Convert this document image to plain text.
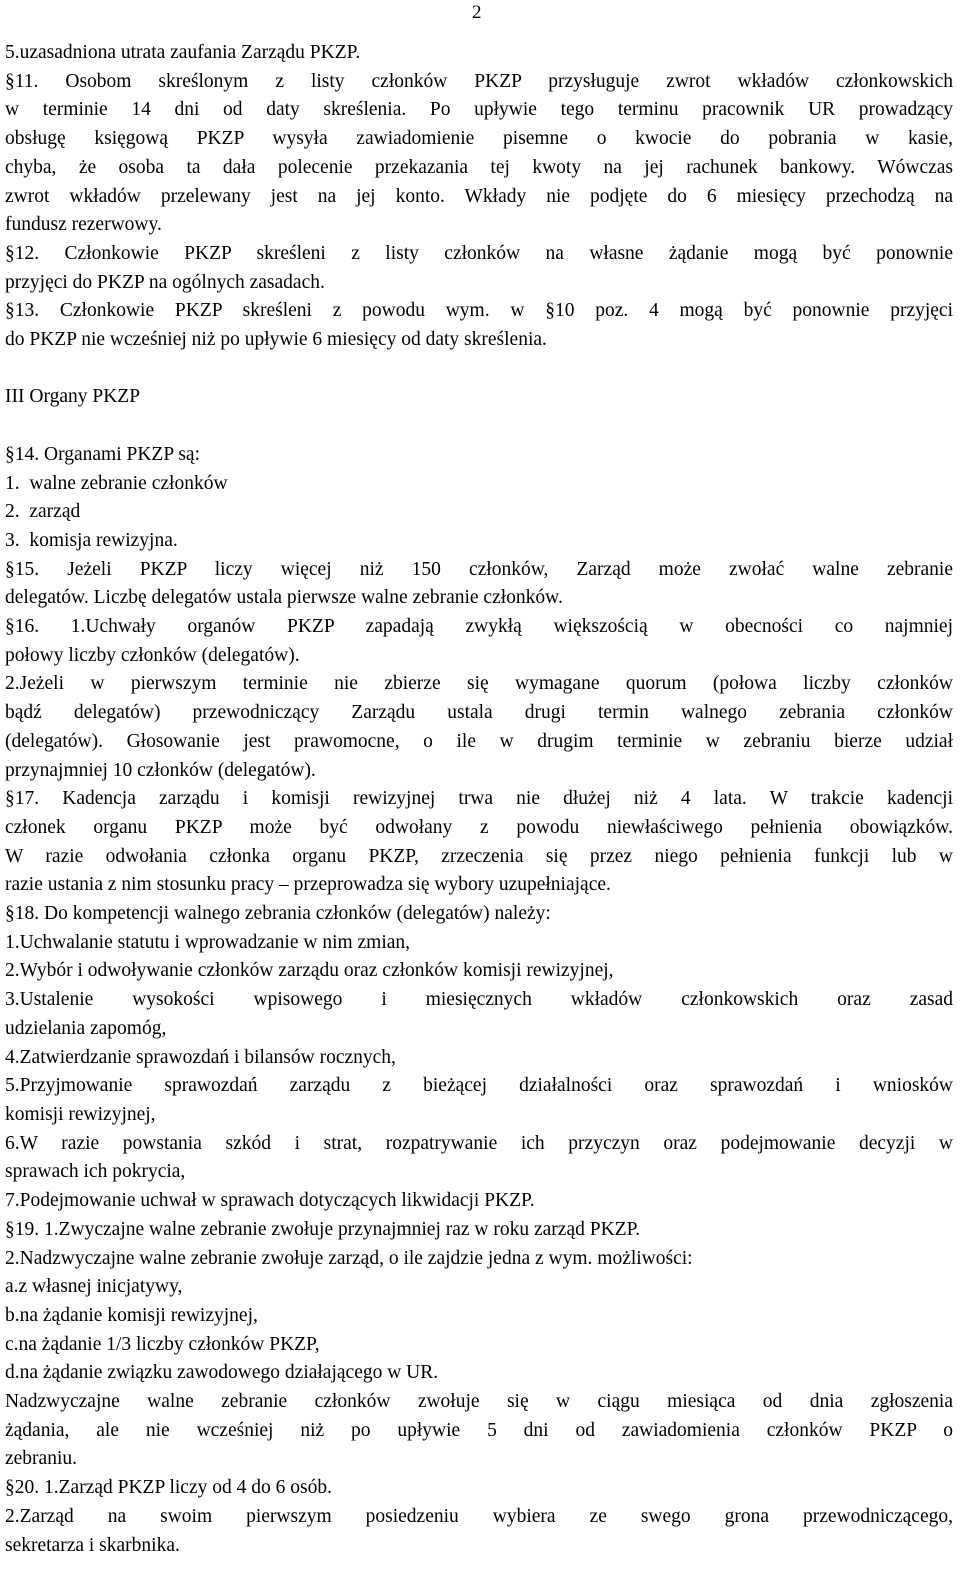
2

5.uzasadniona utrata zaufania Zarządu PKZP.

§11. Osobom skreślonym z listy członków PKZP przysługuje zwrot wkładów członkowskich

w terminie 14 dni od daty skreślenia. Po upływie tego terminu pracownik UR prowadzący

obsługę księgową PKZP wysyła zawiadomienie pisemne o kwocie do pobrania w kasie,

chyba, że osoba ta dała polecenie przekazania tej kwoty na jej rachunek bankowy. Wówczas

zwrot wkładów przelewany jest na jej konto. Wkłady nie podjęte do 6 miesięcy przechodzą na

fundusz rezerwowy.

§12. Członkowie PKZP skreśleni z listy członków na własne żądanie mogą być ponownie

przyjęci do PKZP na ogólnych zasadach.

§13. Członkowie PKZP skreśleni z powodu wym. w §10 poz. 4 mogą być ponownie przyjęci

do PKZP nie wcześniej niż po upływie 6 miesięcy od daty skreślenia.

III Organy PKZP

§14. Organami PKZP są:

1.  walne zebranie członków

2.  zarząd

3.  komisja rewizyjna.

§15. Jeżeli PKZP liczy więcej niż 150 członków, Zarząd może zwołać walne zebranie

delegatów. Liczbę delegatów ustala pierwsze walne zebranie członków.

§16. 1.Uchwały organów PKZP zapadają zwykłą większością w obecności co najmniej

połowy liczby członków (delegatów).

2.Jeżeli w pierwszym terminie nie zbierze się wymagane quorum (połowa liczby członków

bądź delegatów) przewodniczący Zarządu ustala drugi termin walnego zebrania członków

(delegatów). Głosowanie jest prawomocne, o ile w drugim terminie w zebraniu bierze udział

przynajmniej 10 członków (delegatów).

§17. Kadencja zarządu i komisji rewizyjnej trwa nie dłużej niż 4 lata. W trakcie kadencji

członek organu PKZP może być odwołany z powodu niewłaściwego pełnienia obowiązków.

W razie odwołania członka organu PKZP, zrzeczenia się przez niego pełnienia funkcji lub w

razie ustania z nim stosunku pracy – przeprowadza się wybory uzupełniające.

§18. Do kompetencji walnego zebrania członków (delegatów) należy:

1.Uchwalanie statutu i wprowadzanie w nim zmian,

2.Wybór i odwoływanie członków zarządu oraz członków komisji rewizyjnej,

3.Ustalenie wysokości wpisowego i miesięcznych wkładów członkowskich oraz zasad

udzielania zapomóg,

4.Zatwierdzanie sprawozdań i bilansów rocznych,

5.Przyjmowanie sprawozdań zarządu z bieżącej działalności oraz sprawozdań i wniosków

komisji rewizyjnej,

6.W razie powstania szkód i strat, rozpatrywanie ich przyczyn oraz podejmowanie decyzji w

sprawach ich pokrycia,

7.Podejmowanie uchwał w sprawach dotyczących likwidacji PKZP.

§19. 1.Zwyczajne walne zebranie zwołuje przynajmniej raz w roku zarząd PKZP.

2.Nadzwyczajne walne zebranie zwołuje zarząd, o ile zajdzie jedna z wym. możliwości:

a.z własnej inicjatywy,

b.na żądanie komisji rewizyjnej,

c.na żądanie 1/3 liczby członków PKZP,

d.na żądanie związku zawodowego działającego w UR.

Nadzwyczajne walne zebranie członków zwołuje się w ciągu miesiąca od dnia zgłoszenia

żądania, ale nie wcześniej niż po upływie 5 dni od zawiadomienia członków PKZP o

zebraniu.

§20. 1.Zarząd PKZP liczy od 4 do 6 osób.

2.Zarząd na swoim pierwszym posiedzeniu wybiera ze swego grona przewodniczącego,

sekretarza i skarbnika.
